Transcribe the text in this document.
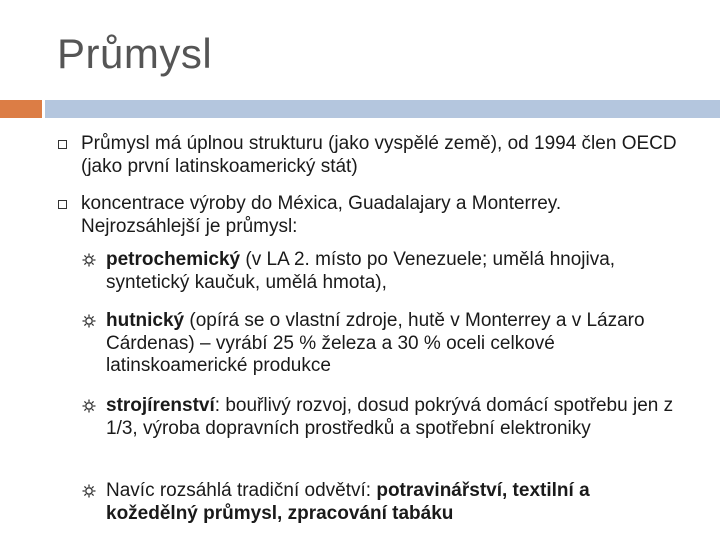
Průmysl
Průmysl má úplnou strukturu (jako vyspělé země), od 1994 člen OECD (jako první latinskoamerický stát)
koncentrace výroby do Méxica, Guadalajary a Monterrey. Nejrozsáhlejší je průmysl:
petrochemický (v LA 2. místo po Venezuele; umělá hnojiva, syntetický kaučuk, umělá hmota),
hutnický (opírá se o vlastní zdroje, hutě v Monterrey a v Lázaro Cárdenas) – vyrábí 25 % železa a 30 % oceli celkové latinskoamerické produkce
strojírenství: bouřlivý rozvoj, dosud pokrývá domácí spotřebu jen z 1/3, výroba dopravních prostředků a spotřební elektroniky
Navíc rozsáhlá tradiční odvětví: potravinářství, textilní a kožedělný průmysl, zpracování tabáku
